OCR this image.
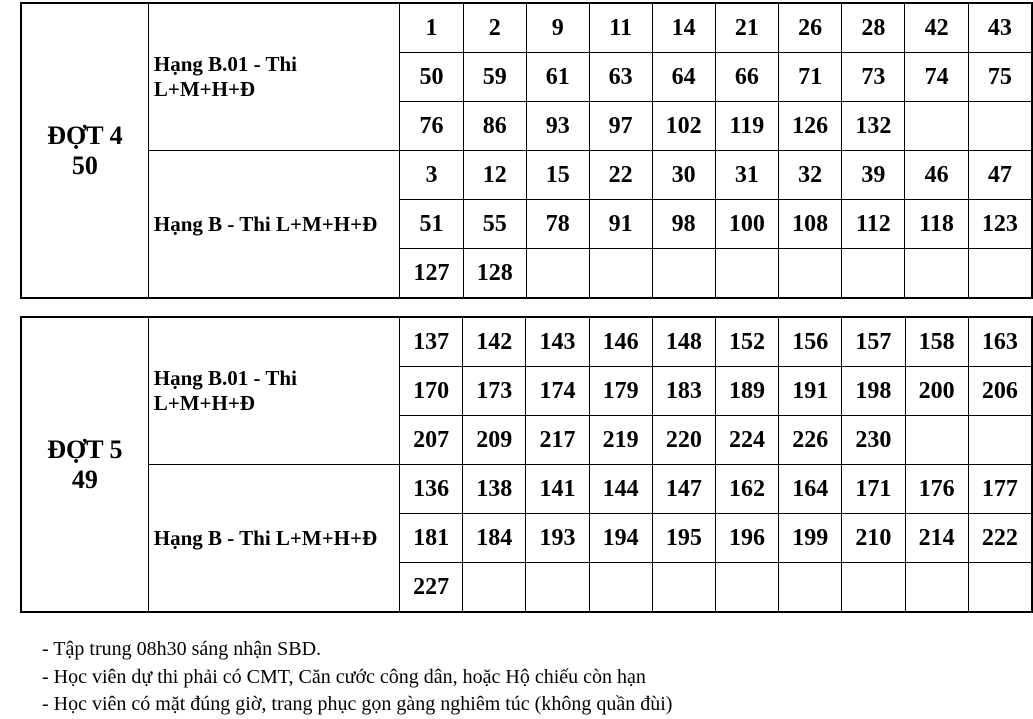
ĐỢT 4
50	Hạng B.01 - Thi L+M+H+Đ	1	2	9	11	14	21	26	28	42	43
		50	59	61	63	64	66	71	73	74	75
		76	86	93	97	102	119	126	132		
	Hạng B - Thi L+M+H+Đ	3	12	15	22	30	31	32	39	46	47
		51	55	78	91	98	100	108	112	118	123
		127	128								
ĐỢT 5
49	Hạng B.01 - Thi L+M+H+Đ	137	142	143	146	148	152	156	157	158	163
		170	173	174	179	183	189	191	198	200	206
		207	209	217	219	220	224	226	230		
	Hạng B - Thi L+M+H+Đ	136	138	141	144	147	162	164	171	176	177
		181	184	193	194	195	196	199	210	214	222
		227									
- Tập trung 08h30 sáng nhận SBD.
- Học viên dự thi phải có CMT, Căn cước công dân, hoặc Hộ chiếu còn hạn
- Học viên có mặt đúng giờ, trang phục gọn gàng nghiêm túc (không quần đùi)
